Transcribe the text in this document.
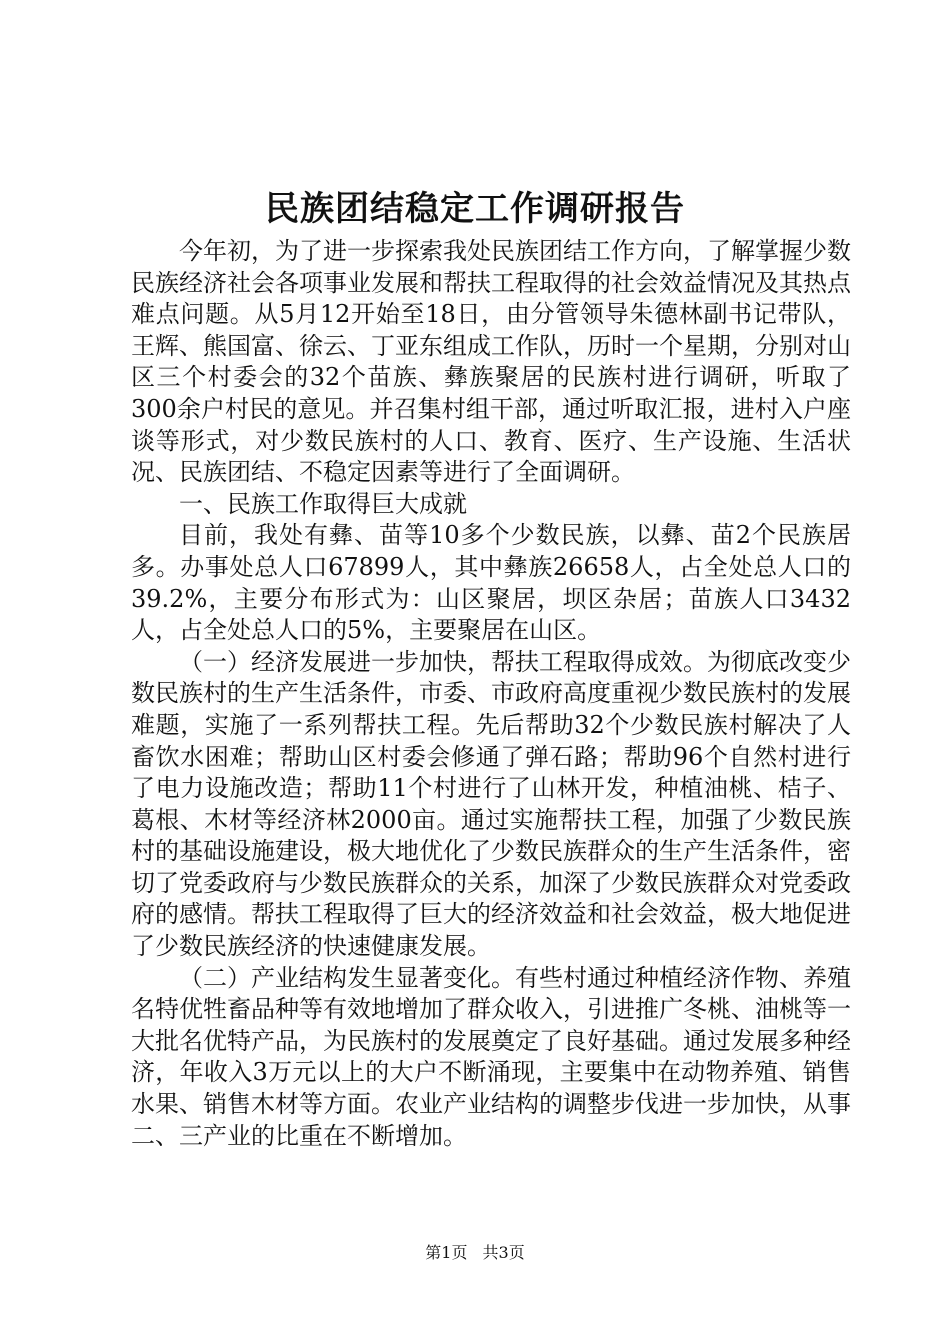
民族团结稳定工作调研报告

今年初，为了进一步探索我处民族团结工作方向，了解掌握少数民族经济社会各项事业发展和帮扶工程取得的社会效益情况及其热点难点问题。从5月12开始至18日，由分管领导朱德林副书记带队，王辉、熊国富、徐云、丁亚东组成工作队，历时一个星期，分别对山区三个村委会的32个苗族、彝族聚居的民族村进行调研，听取了300余户村民的意见。并召集村组干部，通过听取汇报，进村入户座谈等形式，对少数民族村的人口、教育、医疗、生产设施、生活状况、民族团结、不稳定因素等进行了全面调研。

一、民族工作取得巨大成就

目前，我处有彝、苗等10多个少数民族，以彝、苗2个民族居多。办事处总人口67899人，其中彝族26658人，占全处总人口的39.2%，主要分布形式为：山区聚居，坝区杂居；苗族人口3432人，占全处总人口的5%，主要聚居在山区。

（一）经济发展进一步加快，帮扶工程取得成效。为彻底改变少数民族村的生产生活条件，市委、市政府高度重视少数民族村的发展难题，实施了一系列帮扶工程。先后帮助32个少数民族村解决了人畜饮水困难；帮助山区村委会修通了弹石路；帮助96个自然村进行了电力设施改造；帮助11个村进行了山林开发，种植油桃、桔子、葛根、木材等经济林2000亩。通过实施帮扶工程，加强了少数民族村的基础设施建设，极大地优化了少数民族群众的生产生活条件，密切了党委政府与少数民族群众的关系，加深了少数民族群众对党委政府的感情。帮扶工程取得了巨大的经济效益和社会效益，极大地促进了少数民族经济的快速健康发展。

（二）产业结构发生显著变化。有些村通过种植经济作物、养殖名特优牲畜品种等有效地增加了群众收入，引进推广冬桃、油桃等一大批名优特产品，为民族村的发展奠定了良好基础。通过发展多种经济，年收入3万元以上的大户不断涌现，主要集中在动物养殖、销售水果、销售木材等方面。农业产业结构的调整步伐进一步加快，从事二、三产业的比重在不断增加。

第1页 共3页
